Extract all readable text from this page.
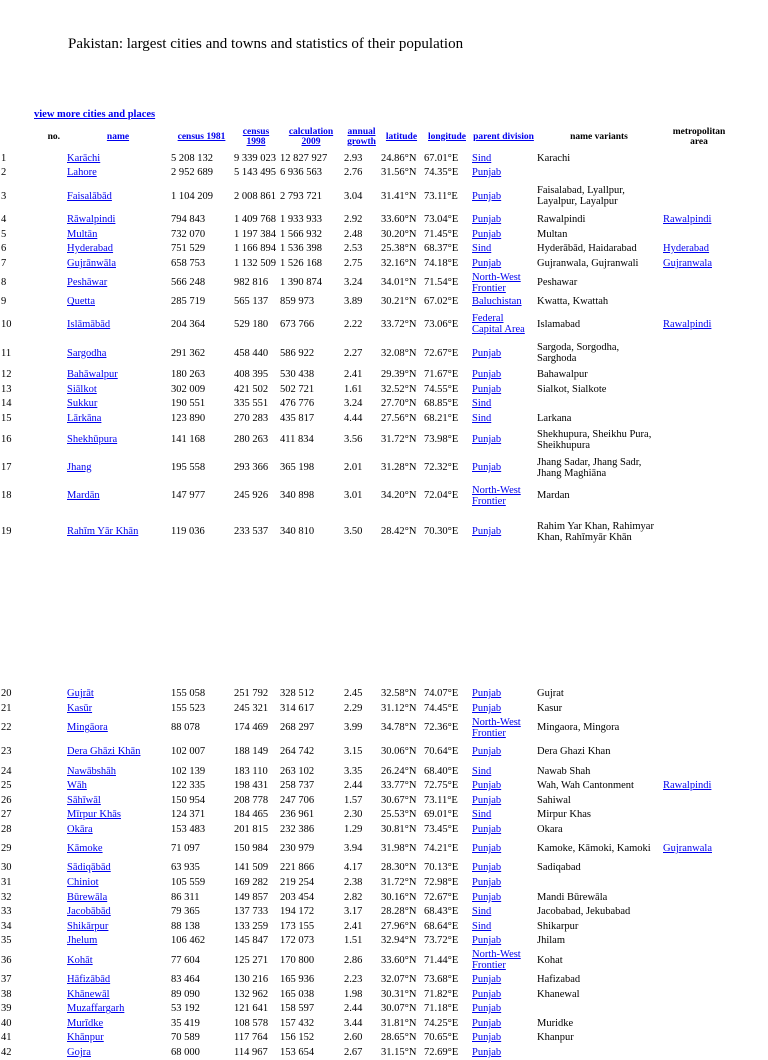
Pakistan: largest cities and towns and statistics of their population
view more cities and places
no.	name	census 1981	census 1998	calculation 2009	annual growth	latitude	longitude	parent division	name variants	metropolitan area
1	Karāchi	5 208 132	9 339 023	12 827 927	2.93	24.86°N	67.01°E	Sind	Karachi	
2	Lahore	2 952 689	5 143 495	6 936 563	2.76	31.56°N	74.35°E	Punjab		
3	Faisalābād	1 104 209	2 008 861	2 793 721	3.04	31.41°N	73.11°E	Punjab	Faisalabad, Lyallpur, Layalpur, Layalpur	
4	Rāwalpindi	794 843	1 409 768	1 933 933	2.92	33.60°N	73.04°E	Punjab	Rawalpindi	Rawalpindi
5	Multān	732 070	1 197 384	1 566 932	2.48	30.20°N	71.45°E	Punjab	Multan	
6	Hyderabad	751 529	1 166 894	1 536 398	2.53	25.38°N	68.37°E	Sind	Hyderābād, Haidarabad	Hyderabad
7	Gujrānwāla	658 753	1 132 509	1 526 168	2.75	32.16°N	74.18°E	Punjab	Gujranwala, Gujranwali	Gujranwala
8	Peshāwar	566 248	982 816	1 390 874	3.24	34.01°N	71.54°E	North-West Frontier	Peshawar	
9	Quetta	285 719	565 137	859 973	3.89	30.21°N	67.02°E	Baluchistan	Kwatta, Kwattah	
10	Islāmābād	204 364	529 180	673 766	2.22	33.72°N	73.06°E	Federal Capital Area	Islamabad	Rawalpindi
11	Sargodha	291 362	458 440	586 922	2.27	32.08°N	72.67°E	Punjab	Sargoda, Sorgodha, Sarghoda	
12	Bahāwalpur	180 263	408 395	530 438	2.41	29.39°N	71.67°E	Punjab	Bahawalpur	
13	Siālkot	302 009	421 502	502 721	1.61	32.52°N	74.55°E	Punjab	Sialkot, Sialkote	
14	Sukkur	190 551	335 551	476 776	3.24	27.70°N	68.85°E	Sind		
15	Lārkāna	123 890	270 283	435 817	4.44	27.56°N	68.21°E	Sind	Larkana	
16	Shekhūpura	141 168	280 263	411 834	3.56	31.72°N	73.98°E	Punjab	Shekhupura, Sheikhu Pura, Sheikhupura	
17	Jhang	195 558	293 366	365 198	2.01	31.28°N	72.32°E	Punjab	Jhang Sadar, Jhang Sadr, Jhang Maghiāna	
18	Mardān	147 977	245 926	340 898	3.01	34.20°N	72.04°E	North-West Frontier	Mardan	
19	Rahīm Yār Khān	119 036	233 537	340 810	3.50	28.42°N	70.30°E	Punjab	Rahim Yar Khan, Rahimyar Khan, Rahīmyār Khān	

20	Gujrāt	155 058	251 792	328 512	2.45	32.58°N	74.07°E	Punjab	Gujrat	
21	Kasūr	155 523	245 321	314 617	2.29	31.12°N	74.45°E	Punjab	Kasur	
22	Mingāora	88 078	174 469	268 297	3.99	34.78°N	72.36°E	North-West Frontier	Mingaora, Mingora	
23	Dera Ghāzi Khān	102 007	188 149	264 742	3.15	30.06°N	70.64°E	Punjab	Dera Ghazi Khan	
24	Nawābshāh	102 139	183 110	263 102	3.35	26.24°N	68.40°E	Sind	Nawab Shah	
25	Wāh	122 335	198 431	258 737	2.44	33.77°N	72.75°E	Punjab	Wah, Wah Cantonment	Rawalpindi
26	Sāhīwāl	150 954	208 778	247 706	1.57	30.67°N	73.11°E	Punjab	Sahiwal	
27	Mīrpur Khās	124 371	184 465	236 961	2.30	25.53°N	69.01°E	Sind	Mirpur Khas	
28	Okāra	153 483	201 815	232 386	1.29	30.81°N	73.45°E	Punjab	Okara	
29	Kāmoke	71 097	150 984	230 979	3.94	31.98°N	74.21°E	Punjab	Kamoke, Kāmoki, Kamoki	Gujranwala
30	Sādiqābād	63 935	141 509	221 866	4.17	28.30°N	70.13°E	Punjab	Sadiqabad	
31	Chiniot	105 559	169 282	219 254	2.38	31.72°N	72.98°E	Punjab		
32	Būrewāla	86 311	149 857	203 454	2.82	30.16°N	72.67°E	Punjab	Mandi Būrewāla	
33	Jacobābād	79 365	137 733	194 172	3.17	28.28°N	68.43°E	Sind	Jacobabad, Jekubabad	
34	Shikārpur	88 138	133 259	173 155	2.41	27.96°N	68.64°E	Sind	Shikarpur	
35	Jhelum	106 462	145 847	172 073	1.51	32.94°N	73.72°E	Punjab	Jhilam	
36	Kohāt	77 604	125 271	170 800	2.86	33.60°N	71.44°E	North-West Frontier	Kohat	
37	Hāfizābād	83 464	130 216	165 936	2.23	32.07°N	73.68°E	Punjab	Hafizabad	
38	Khānewāl	89 090	132 962	165 038	1.98	30.31°N	71.82°E	Punjab	Khanewal	
39	Muzaffargarh	53 192	121 641	158 597	2.44	30.07°N	71.18°E	Punjab		
40	Murīdke	35 419	108 578	157 432	3.44	31.81°N	74.25°E	Punjab	Muridke	
41	Khānpur	70 589	117 764	156 152	2.60	28.65°N	70.65°E	Punjab	Khanpur	
42	Gojra	68 000	114 967	153 654	2.67	31.15°N	72.69°E	Punjab		
